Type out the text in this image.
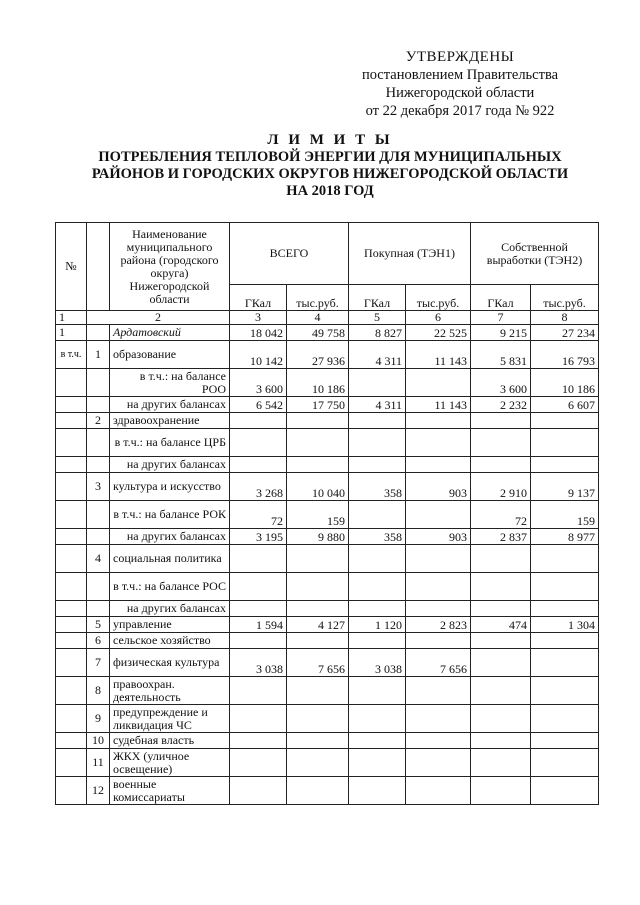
УТВЕРЖДЕНЫ
постановлением Правительства
Нижегородской области
от 22 декабря 2017 года № 922
Л И М И Т Ы
ПОТРЕБЛЕНИЯ ТЕПЛОВОЙ ЭНЕРГИИ ДЛЯ МУНИЦИПАЛЬНЫХ
РАЙОНОВ И ГОРОДСКИХ ОКРУГОВ НИЖЕГОРОДСКОЙ ОБЛАСТИ
НА 2018 ГОД
№		Наименование муниципального района (городского округа) Нижегородской области	ВСЕГО		Покупная (ТЭН1)		Собственной выработки (ТЭН2)	
			ГКал	тыс.руб.	ГКал	тыс.руб.	ГКал	тыс.руб.
1	2		3	4	5	6	7	8
1		Ардатовский	18 042	49 758	8 827	22 525	9 215	27 234
в т.ч.	1	образование	10 142	27 936	4 311	11 143	5 831	16 793
		в т.ч.: на балансе РОО	3 600	10 186			3 600	10 186
		на других балансах	6 542	17 750	4 311	11 143	2 232	6 607
	2	здравоохранение						
		в т.ч.: на балансе ЦРБ						
		на других балансах						
	3	культура и искусство	3 268	10 040	358	903	2 910	9 137
		в т.ч.: на балансе РОК	72	159			72	159
		на других балансах	3 195	9 880	358	903	2 837	8 977
	4	социальная политика						
		в т.ч.: на балансе РОС						
		на других балансах						
	5	управление	1 594	4 127	1 120	2 823	474	1 304
	6	сельское хозяйство						
	7	физическая культура	3 038	7 656	3 038	7 656		
	8	правоохран. деятельность						
	9	предупреждение и ликвидация ЧС						
	10	судебная власть						
	11	ЖКХ (уличное освещение)						
	12	военные комиссариаты						
